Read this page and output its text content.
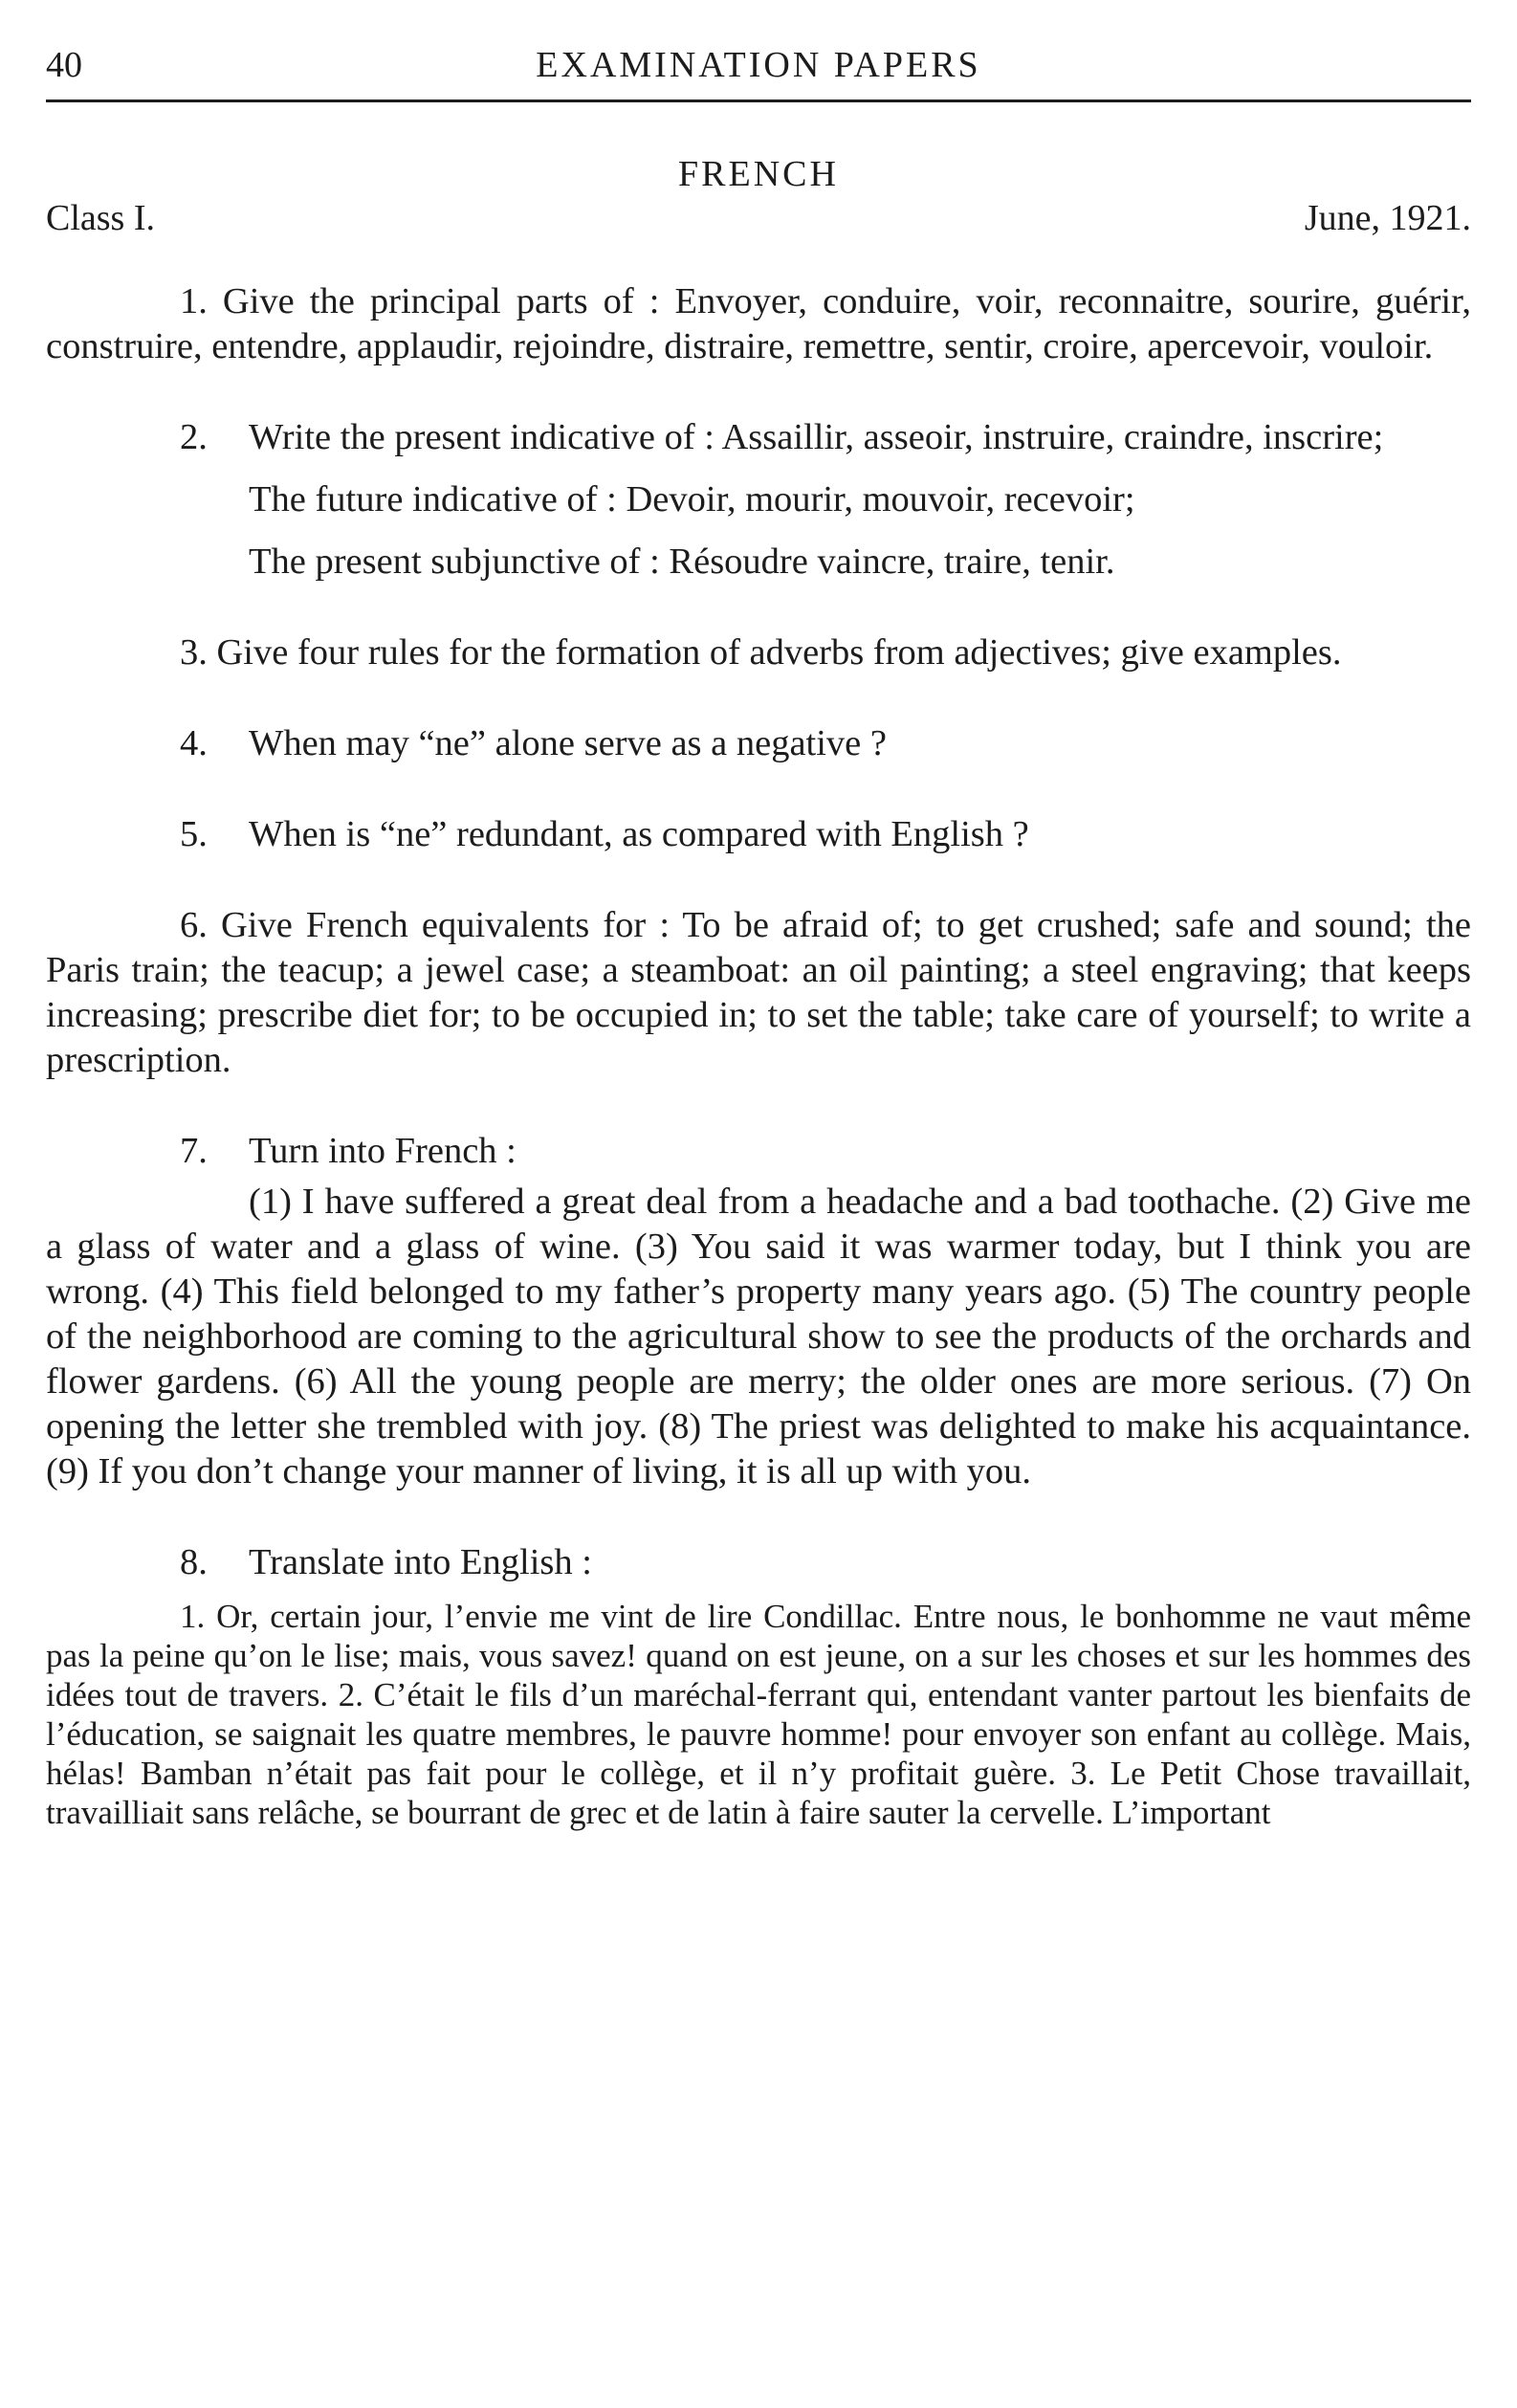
40	EXAMINATION PAPERS
FRENCH
Class I.	June, 1921.

1. Give the principal parts of : Envoyer, conduire, voir, reconnaitre, sourire, guérir, construire, entendre, applaudir, rejoindre, distraire, remettre, sentir, croire, apercevoir, vouloir.

2. Write the present indicative of : Assaillir, asseoir, instruire, craindre, inscrire;

The future indicative of : Devoir, mourir, mouvoir, recevoir;

The present subjunctive of : Résoudre vaincre, traire, tenir.

3. Give four rules for the formation of adverbs from adjectives; give examples.

4. When may “ne” alone serve as a negative ?

5. When is “ne” redundant, as compared with English ?

6. Give French equivalents for : To be afraid of; to get crushed; safe and sound; the Paris train; the teacup; a jewel case; a steamboat: an oil painting; a steel engraving; that keeps increasing; prescribe diet for; to be occupied in; to set the table; take care of yourself; to write a prescription.

7. Turn into French :

(1) I have suffered a great deal from a headache and a bad toothache. (2) Give me a glass of water and a glass of wine. (3) You said it was warmer today, but I think you are wrong. (4) This field belonged to my father’s property many years ago. (5) The country people of the neighborhood are coming to the agricultural show to see the products of the orchards and flower gardens. (6) All the young people are merry; the older ones are more serious. (7) On opening the letter she trembled with joy. (8) The priest was delighted to make his acquaintance. (9) If you don’t change your manner of living, it is all up with you.

8. Translate into English :

1. Or, certain jour, l’envie me vint de lire Condillac. Entre nous, le bonhomme ne vaut même pas la peine qu’on le lise; mais, vous savez! quand on est jeune, on a sur les choses et sur les hommes des idées tout de travers. 2. C’était le fils d’un maréchal-ferrant qui, entendant vanter partout les bienfaits de l’éducation, se saignait les quatre membres, le pauvre homme! pour envoyer son enfant au collège. Mais, hélas! Bamban n’était pas fait pour le collège, et il n’y profitait guère. 3. Le Petit Chose travaillait, travailliait sans relâche, se bourrant de grec et de latin à faire sauter la cervelle. L’important
